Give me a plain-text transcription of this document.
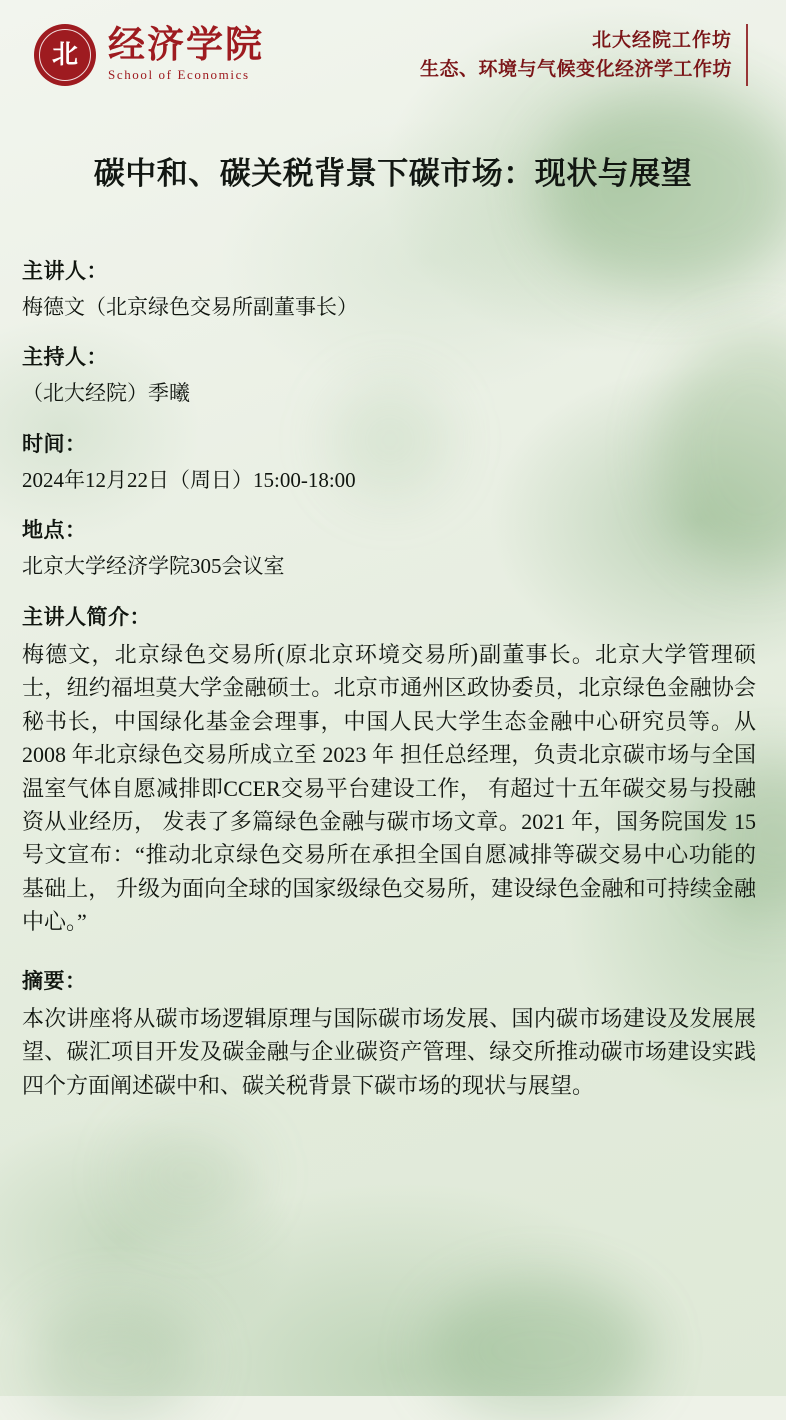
北 经济学院
School of Economics
北大经院工作坊
生态、环境与气候变化经济学工作坊
碳中和、碳关税背景下碳市场：现状与展望
主讲人：
梅德文（北京绿色交易所副董事长）
主持人：
（北大经院）季曦
时间：
2024年12月22日（周日）15:00-18:00
地点：
北京大学经济学院305会议室
主讲人简介：

梅德文，北京绿色交易所(原北京环境交易所)副董事长。北京大学管理硕士，纽约福坦莫大学金融硕士。北京市通州区政协委员，北京绿色金融协会秘书长，中国绿化基金会理事，中国人民大学生态金融中心研究员等。从 2008 年北京绿色交易所成立至 2023 年 担任总经理，负责北京碳市场与全国温室气体自愿减排即CCER交易平台建设工作， 有超过十五年碳交易与投融资从业经历， 发表了多篇绿色金融与碳市场文章。2021 年，国务院国发 15 号文宣布：“推动北京绿色交易所在承担全国自愿减排等碳交易中心功能的基础上， 升级为面向全球的国家级绿色交易所，建设绿色金融和可持续金融中心。”

摘要：

本次讲座将从碳市场逻辑原理与国际碳市场发展、国内碳市场建设及发展展望、碳汇项目开发及碳金融与企业碳资产管理、绿交所推动碳市场建设实践四个方面阐述碳中和、碳关税背景下碳市场的现状与展望。
